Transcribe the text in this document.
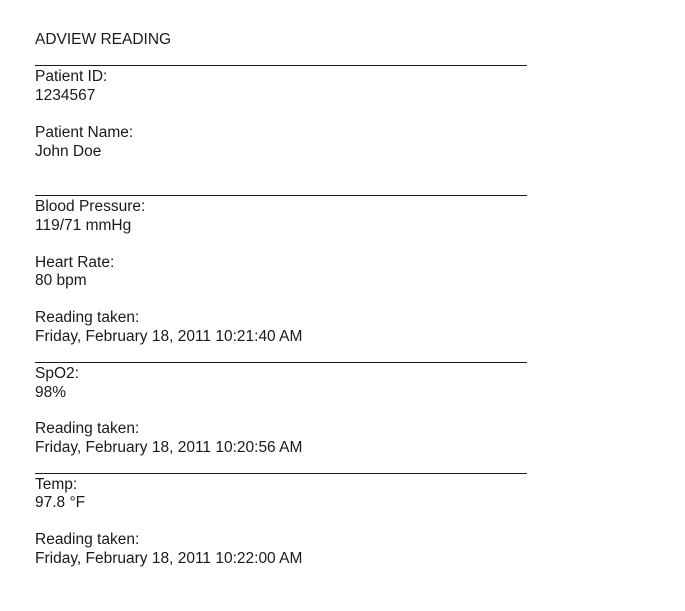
ADVIEW READING
Patient ID:
1234567
Patient Name:
John Doe
Blood Pressure:
119/71 mmHg
Heart Rate:
80 bpm
Reading taken:
Friday, February 18, 2011 10:21:40 AM
SpO2:
98%
Reading taken:
Friday, February 18, 2011 10:20:56 AM
Temp:
97.8 °F
Reading taken:
Friday, February 18, 2011 10:22:00 AM
